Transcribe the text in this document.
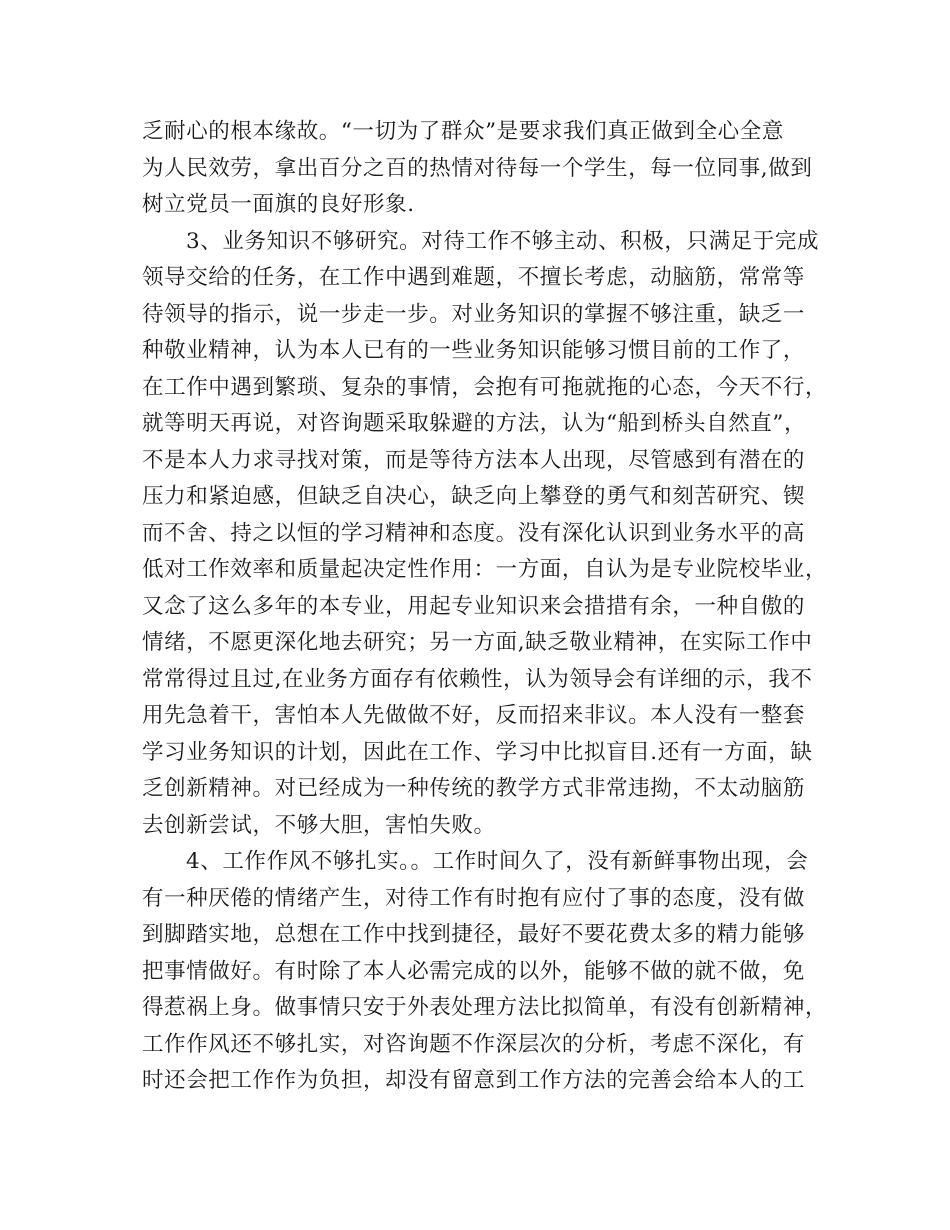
乏耐心的根本缘故。“一切为了群众”是要求我们真正做到全心全意
为人民效劳，拿出百分之百的热情对待每一个学生，每一位同事,做到
树立党员一面旗的良好形象.
3、业务知识不够研究。对待工作不够主动、积极，只满足于完成
领导交给的任务，在工作中遇到难题，不擅长考虑，动脑筋，常常等
待领导的指示，说一步走一步。对业务知识的掌握不够注重，缺乏一
种敬业精神，认为本人已有的一些业务知识能够习惯目前的工作了，
在工作中遇到繁琐、复杂的事情，会抱有可拖就拖的心态，今天不行，
就等明天再说，对咨询题采取躲避的方法，认为“船到桥头自然直”，
不是本人力求寻找对策，而是等待方法本人出现，尽管感到有潜在的
压力和紧迫感，但缺乏自决心，缺乏向上攀登的勇气和刻苦研究、锲
而不舍、持之以恒的学习精神和态度。没有深化认识到业务水平的高
低对工作效率和质量起决定性作用：一方面，自认为是专业院校毕业，
又念了这么多年的本专业，用起专业知识来会措措有余，一种自傲的
情绪，不愿更深化地去研究；另一方面,缺乏敬业精神，在实际工作中
常常得过且过,在业务方面存有依赖性，认为领导会有详细的示，我不
用先急着干，害怕本人先做做不好，反而招来非议。本人没有一整套
学习业务知识的计划，因此在工作、学习中比拟盲目.还有一方面，缺
乏创新精神。对已经成为一种传统的教学方式非常违拗，不太动脑筋
去创新尝试，不够大胆，害怕失败。
4、工作作风不够扎实。。工作时间久了，没有新鲜事物出现，会
有一种厌倦的情绪产生，对待工作有时抱有应付了事的态度，没有做
到脚踏实地，总想在工作中找到捷径，最好不要花费太多的精力能够
把事情做好。有时除了本人必需完成的以外，能够不做的就不做，免
得惹祸上身。做事情只安于外表处理方法比拟简单，有没有创新精神，
工作作风还不够扎实，对咨询题不作深层次的分析，考虑不深化，有
时还会把工作作为负担，却没有留意到工作方法的完善会给本人的工
